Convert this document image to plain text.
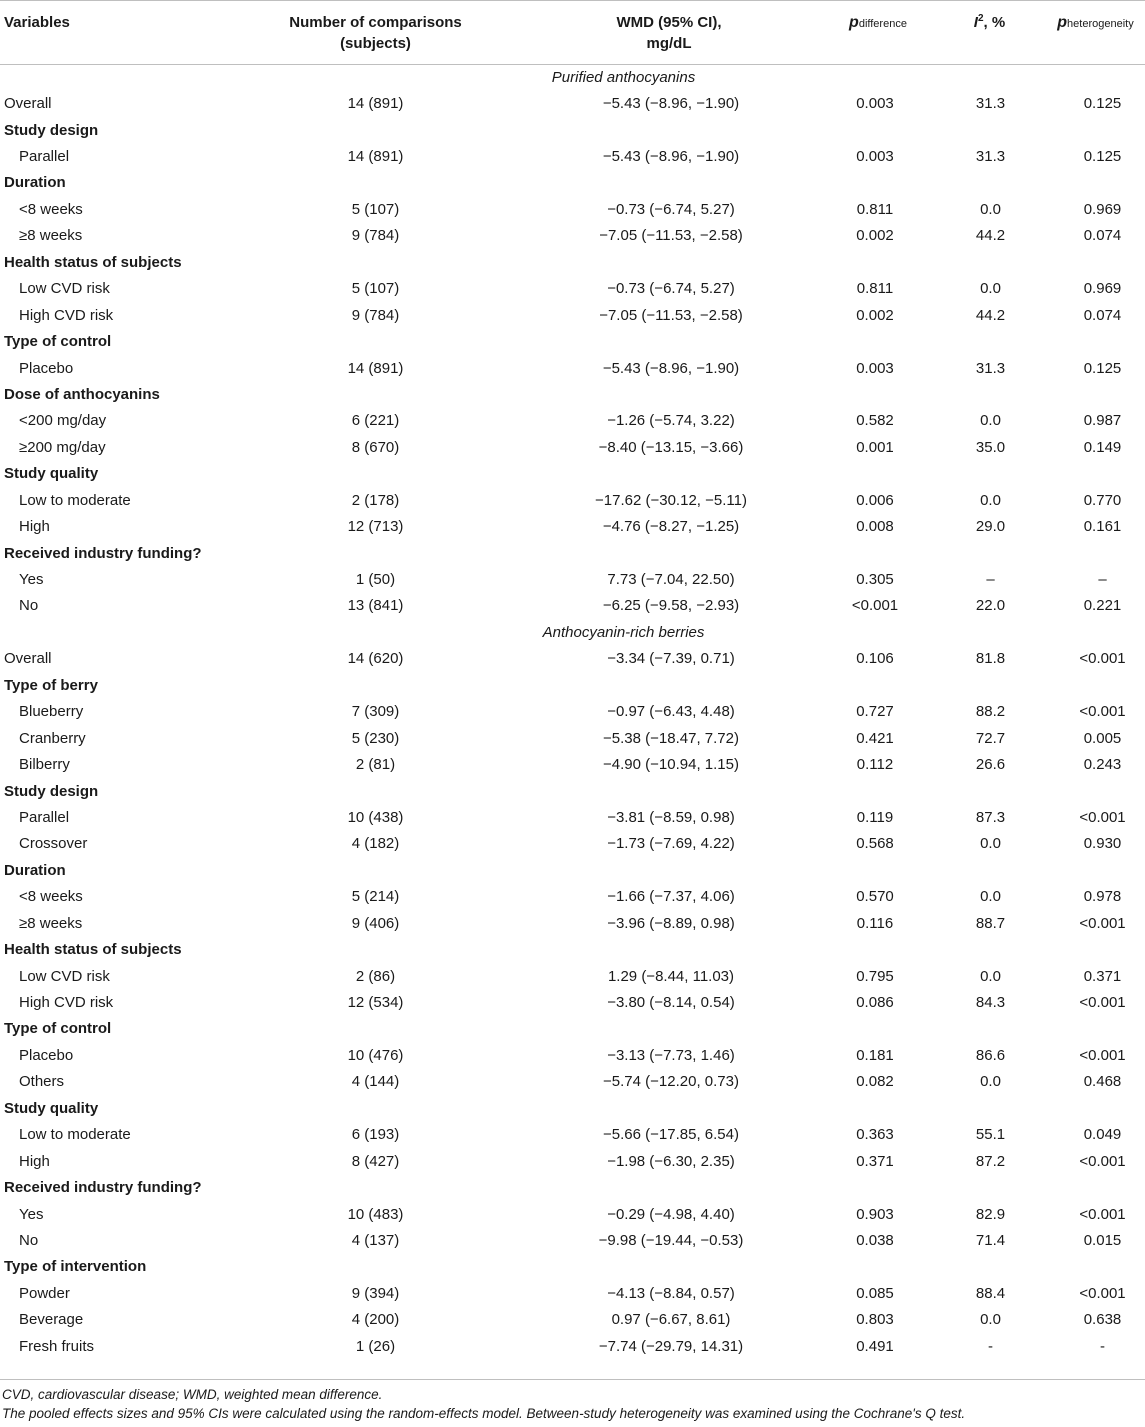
Variables	Number of comparisons (subjects)	WMD (95% CI), mg/dL	pdifference	$I^2$, %	pheterogeneity
Purified anthocyanins					
Overall	14 (891)	−5.43 (−8.96, −1.90)	0.003	31.3	0.125
Study design					
Parallel	14 (891)	−5.43 (−8.96, −1.90)	0.003	31.3	0.125
Duration					
<8 weeks	5 (107)	−0.73 (−6.74, 5.27)	0.811	0.0	0.969
≥8 weeks	9 (784)	−7.05 (−11.53, −2.58)	0.002	44.2	0.074
Health status of subjects					
Low CVD risk	5 (107)	−0.73 (−6.74, 5.27)	0.811	0.0	0.969
High CVD risk	9 (784)	−7.05 (−11.53, −2.58)	0.002	44.2	0.074
Type of control					
Placebo	14 (891)	−5.43 (−8.96, −1.90)	0.003	31.3	0.125
Dose of anthocyanins					
<200 mg/day	6 (221)	−1.26 (−5.74, 3.22)	0.582	0.0	0.987
≥200 mg/day	8 (670)	−8.40 (−13.15, −3.66)	0.001	35.0	0.149
Study quality					
Low to moderate	2 (178)	−17.62 (−30.12, −5.11)	0.006	0.0	0.770
High	12 (713)	−4.76 (−8.27, −1.25)	0.008	29.0	0.161
Received industry funding?					
Yes	1 (50)	7.73 (−7.04, 22.50)	0.305	–	–
No	13 (841)	−6.25 (−9.58, −2.93)	<0.001	22.0	0.221
Anthocyanin-rich berries					
Overall	14 (620)	−3.34 (−7.39, 0.71)	0.106	81.8	<0.001
Type of berry					
Blueberry	7 (309)	−0.97 (−6.43, 4.48)	0.727	88.2	<0.001
Cranberry	5 (230)	−5.38 (−18.47, 7.72)	0.421	72.7	0.005
Bilberry	2 (81)	−4.90 (−10.94, 1.15)	0.112	26.6	0.243
Study design					
Parallel	10 (438)	−3.81 (−8.59, 0.98)	0.119	87.3	<0.001
Crossover	4 (182)	−1.73 (−7.69, 4.22)	0.568	0.0	0.930
Duration					
<8 weeks	5 (214)	−1.66 (−7.37, 4.06)	0.570	0.0	0.978
≥8 weeks	9 (406)	−3.96 (−8.89, 0.98)	0.116	88.7	<0.001
Health status of subjects					
Low CVD risk	2 (86)	1.29 (−8.44, 11.03)	0.795	0.0	0.371
High CVD risk	12 (534)	−3.80 (−8.14, 0.54)	0.086	84.3	<0.001
Type of control					
Placebo	10 (476)	−3.13 (−7.73, 1.46)	0.181	86.6	<0.001
Others	4 (144)	−5.74 (−12.20, 0.73)	0.082	0.0	0.468
Study quality					
Low to moderate	6 (193)	−5.66 (−17.85, 6.54)	0.363	55.1	0.049
High	8 (427)	−1.98 (−6.30, 2.35)	0.371	87.2	<0.001
Received industry funding?					
Yes	10 (483)	−0.29 (−4.98, 4.40)	0.903	82.9	<0.001
No	4 (137)	−9.98 (−19.44, −0.53)	0.038	71.4	0.015
Type of intervention					
Powder	9 (394)	−4.13 (−8.84, 0.57)	0.085	88.4	<0.001
Beverage	4 (200)	0.97 (−6.67, 8.61)	0.803	0.0	0.638
Fresh fruits	1 (26)	−7.74 (−29.79, 14.31)	0.491	-	-
CVD, cardiovascular disease; WMD, weighted mean difference.
The pooled effects sizes and 95% CIs were calculated using the random-effects model. Between-study heterogeneity was examined using the Cochrane's Q test.
